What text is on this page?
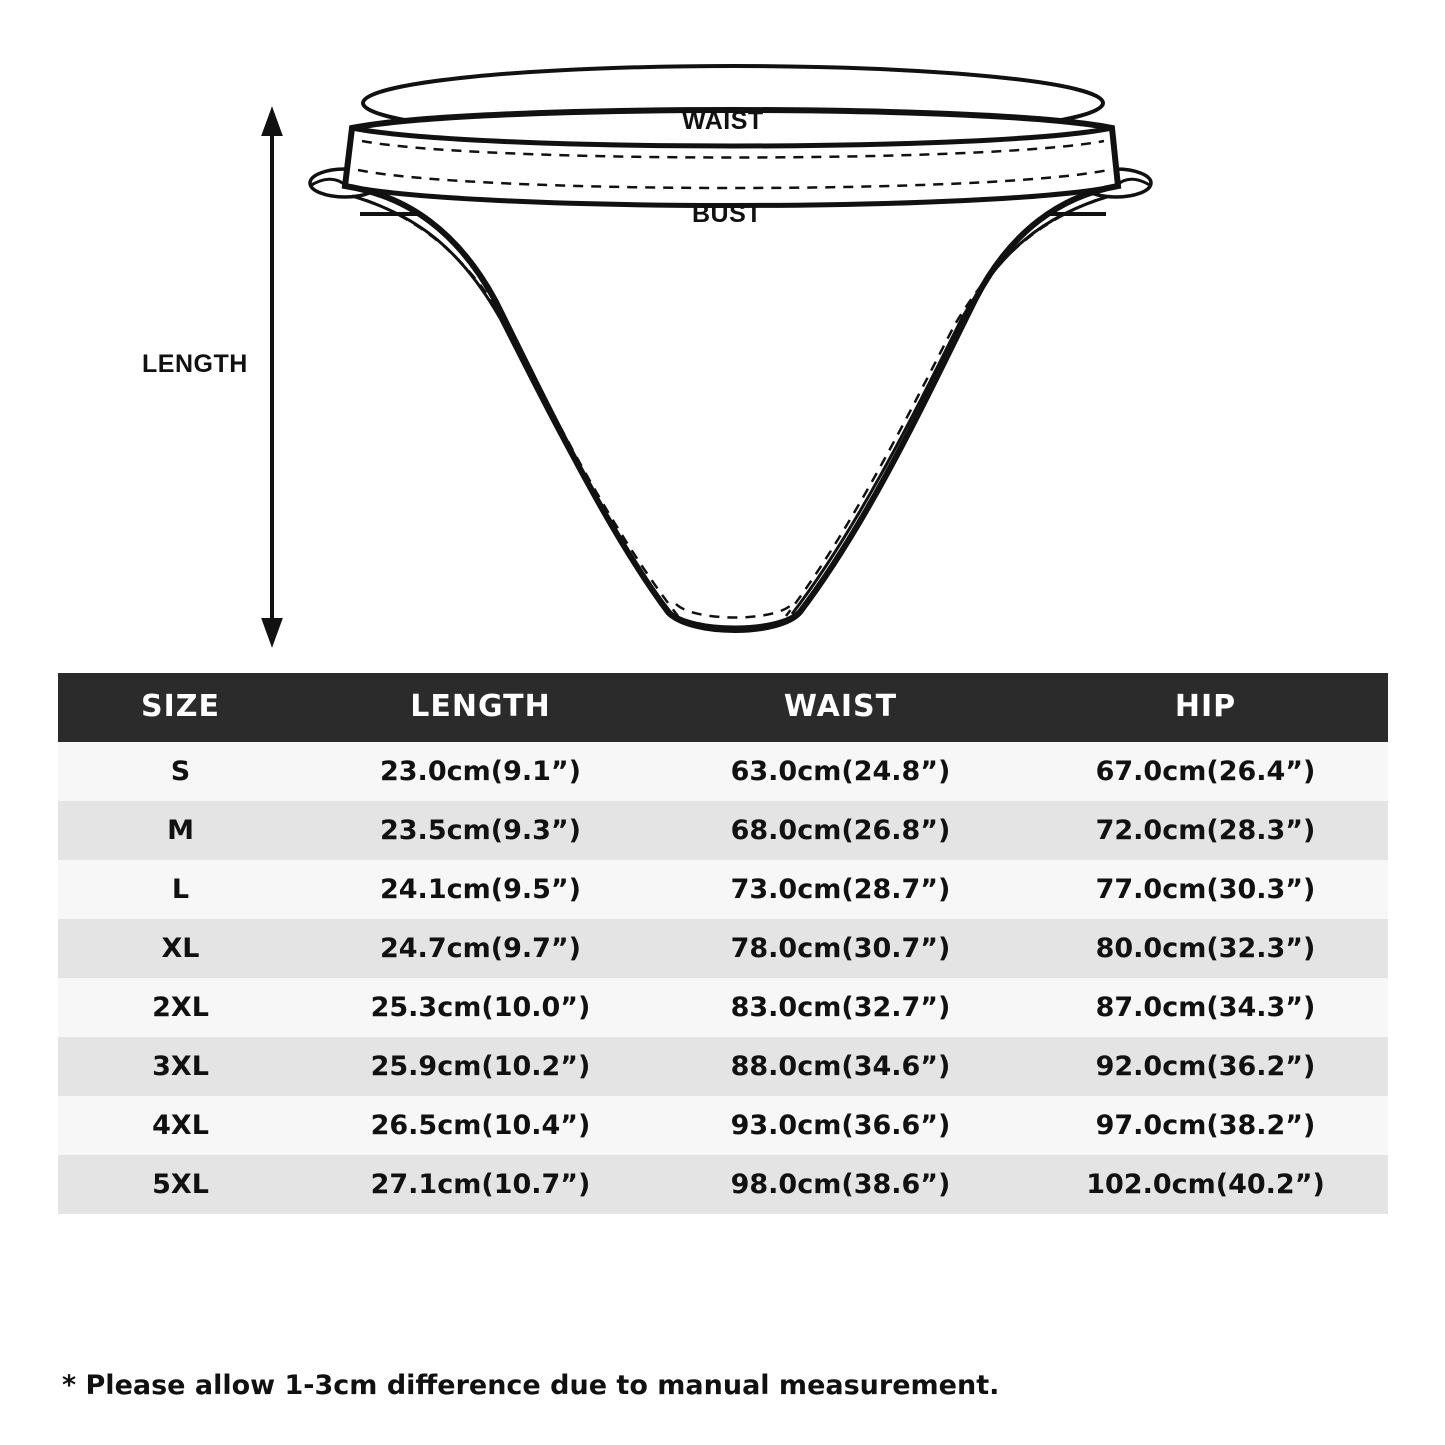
LENGTH
WAIST
BUST
SIZE	LENGTH	WAIST	HIP
S	23.0cm(9.1”)	63.0cm(24.8”)	67.0cm(26.4”)
M	23.5cm(9.3”)	68.0cm(26.8”)	72.0cm(28.3”)
L	24.1cm(9.5”)	73.0cm(28.7”)	77.0cm(30.3”)
XL	24.7cm(9.7”)	78.0cm(30.7”)	80.0cm(32.3”)
2XL	25.3cm(10.0”)	83.0cm(32.7”)	87.0cm(34.3”)
3XL	25.9cm(10.2”)	88.0cm(34.6”)	92.0cm(36.2”)
4XL	26.5cm(10.4”)	93.0cm(36.6”)	97.0cm(38.2”)
5XL	27.1cm(10.7”)	98.0cm(38.6”)	102.0cm(40.2”)
* Please allow 1-3cm difference due to manual measurement.
